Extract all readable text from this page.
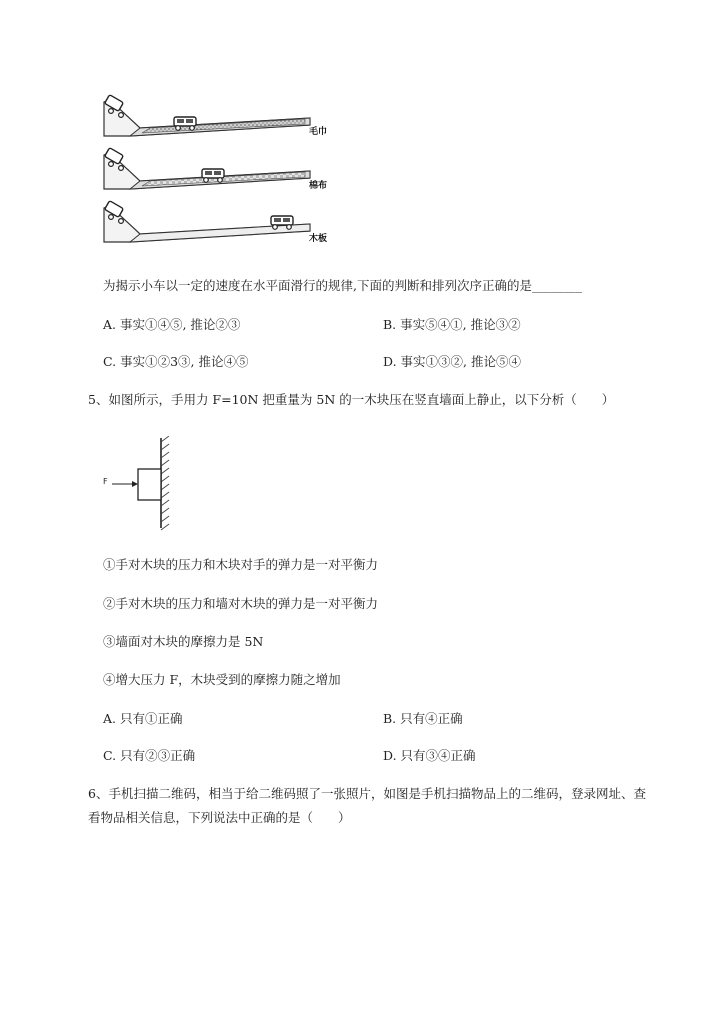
毛巾
棉布
木板
为揭示小车以一定的速度在水平面滑行的规律,下面的判断和排列次序正确的是________
A. 事实①④⑤, 推论②③	B. 事实⑤④①, 推论③②
C. 事实①②3③, 推论④⑤	D. 事实①③②, 推论⑤④
5、如图所示，手用力 F=10N 把重量为 5N 的一木块压在竖直墙面上静止，以下分析（　　）
F
①手对木块的压力和木块对手的弹力是一对平衡力
②手对木块的压力和墙对木块的弹力是一对平衡力
③墙面对木块的摩擦力是 5N
④增大压力 F，木块受到的摩擦力随之增加
A. 只有①正确	B. 只有④正确
C. 只有②③正确	D. 只有③④正确
6、手机扫描二维码，相当于给二维码照了一张照片，如图是手机扫描物品上的二维码，登录网址、查
看物品相关信息，下列说法中正确的是（　　）
